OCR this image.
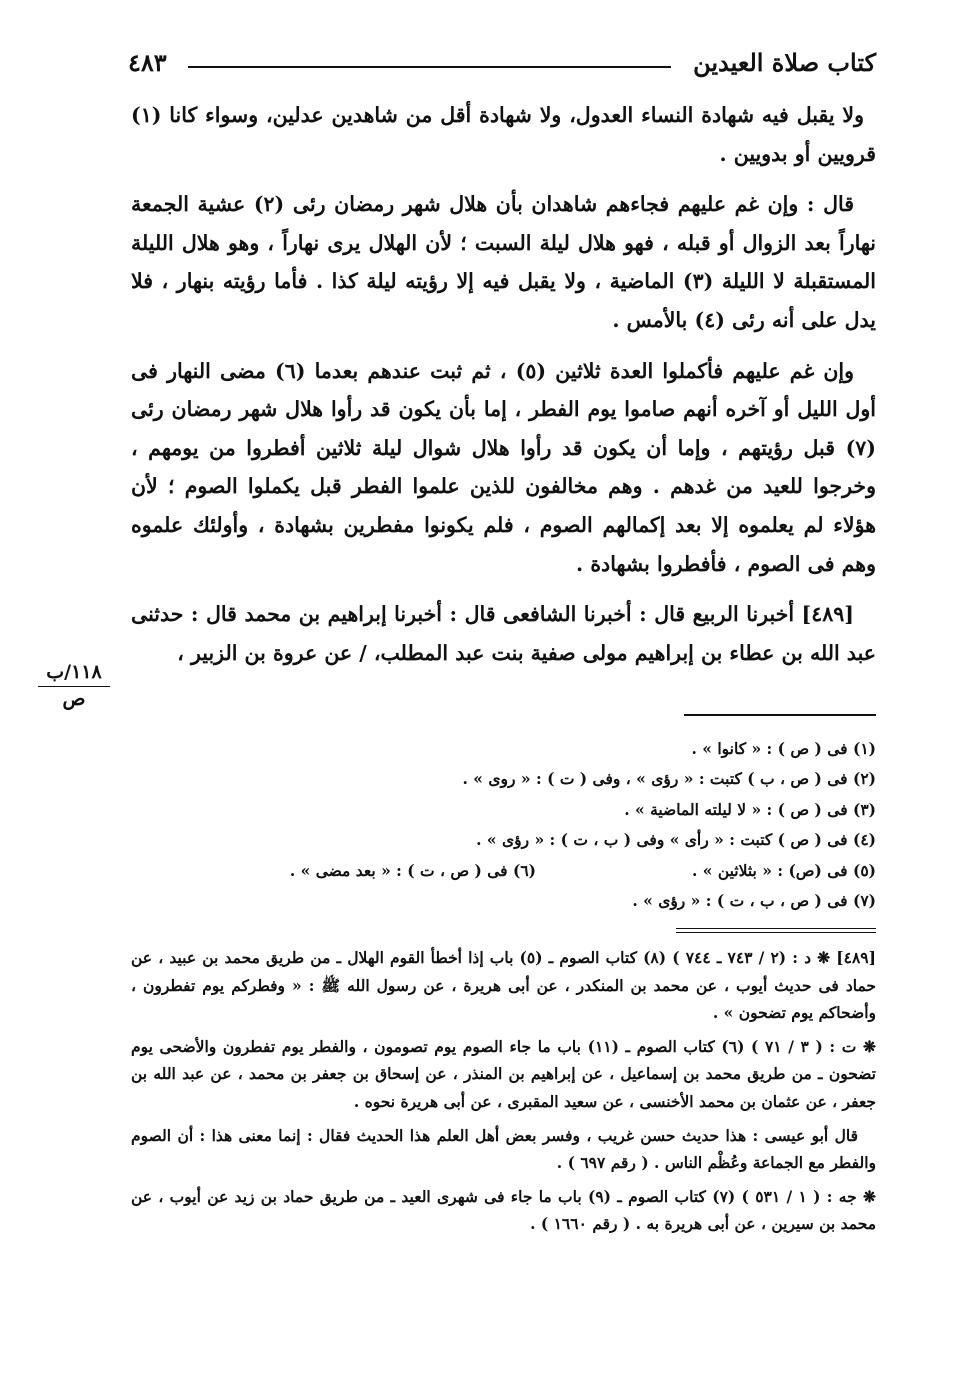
٤٨٣	كتاب صلاة العيدين

ولا يقبل فيه شهادة النساء العدول، ولا شهادة أقل من شاهدين عدلين، وسواء كانا (١) قرويين أو بدويين .

قال : وإن غم عليهم فجاءهم شاهدان بأن هلال شهر رمضان رئى (٢) عشية الجمعة نهاراً بعد الزوال أو قبله ، فهو هلال ليلة السبت ؛ لأن الهلال يرى نهاراً ، وهو هلال الليلة المستقبلة لا الليلة (٣) الماضية ، ولا يقبل فيه إلا رؤيته ليلة كذا . فأما رؤيته بنهار ، فلا يدل على أنه رئى (٤) بالأمس .

وإن غم عليهم فأكملوا العدة ثلاثين (٥) ، ثم ثبت عندهم بعدما (٦) مضى النهار فى أول الليل أو آخره أنهم صاموا يوم الفطر ، إما بأن يكون قد رأوا هلال شهر رمضان رئى (٧) قبل رؤيتهم ، وإما أن يكون قد رأوا هلال شوال ليلة ثلاثين أفطروا من يومهم ، وخرجوا للعيد من غدهم . وهم مخالفون للذين علموا الفطر قبل يكملوا الصوم ؛ لأن هؤلاء لم يعلموه إلا بعد إكمالهم الصوم ، فلم يكونوا مفطرين بشهادة ، وأولئك علموه وهم فى الصوم ، فأفطروا بشهادة .

[٤٨٩] أخبرنا الربيع قال : أخبرنا الشافعى قال : أخبرنا إبراهيم بن محمد قال : حدثنى عبد الله بن عطاء بن إبراهيم مولى صفية بنت عبد المطلب، / عن عروة بن الزبير ،

١١٨/ب
ص
(١) فى ( ص ) : « كانوا » .
(٢) فى ( ص ، ب ) كتبت : « رؤى » ، وفى ( ت ) : « روى » .
(٣) فى ( ص ) : « لا ليلته الماضية » .
(٤) فى ( ص ) كتبت : « رأى » وفى ( ب ، ت ) : « رؤى » .
(٥) فى (ص) : « بثلاثين » .
(٦) فى ( ص ، ت ) : « بعد مضى » .
(٧) فى ( ص ، ب ، ت ) : « رؤى » .

[٤٨٩] ❋ د : (٢ / ٧٤٣ ـ ٧٤٤ ) (٨) كتاب الصوم ـ (٥) باب إذا أخطأ القوم الهلال ـ من طريق محمد بن عبيد ، عن حماد فى حديث أيوب ، عن محمد بن المنكدر ، عن أبى هريرة ، عن رسول الله ﷺ : « وفطركم يوم تفطرون ، وأضحاكم يوم تضحون » .

❋ ت : ( ٣ / ٧١ ) (٦) كتاب الصوم ـ (١١) باب ما جاء الصوم يوم تصومون ، والفطر يوم تفطرون والأضحى يوم تضحون ـ من طريق محمد بن إسماعيل ، عن إبراهيم بن المنذر ، عن إسحاق بن جعفر بن محمد ، عن عبد الله بن جعفر ، عن عثمان بن محمد الأخنسى ، عن سعيد المقبرى ، عن أبى هريرة نحوه .

قال أبو عيسى : هذا حديث حسن غريب ، وفسر بعض أهل العلم هذا الحديث فقال : إنما معنى هذا : أن الصوم والفطر مع الجماعة وعُظْم الناس . ( رقم ٦٩٧ ) .

❋ جه : ( ١ / ٥٣١ ) (٧) كتاب الصوم ـ (٩) باب ما جاء فى شهرى العيد ـ من طريق حماد بن زيد عن أيوب ، عن محمد بن سيرين ، عن أبى هريرة به . ( رقم ١٦٦٠ ) .
